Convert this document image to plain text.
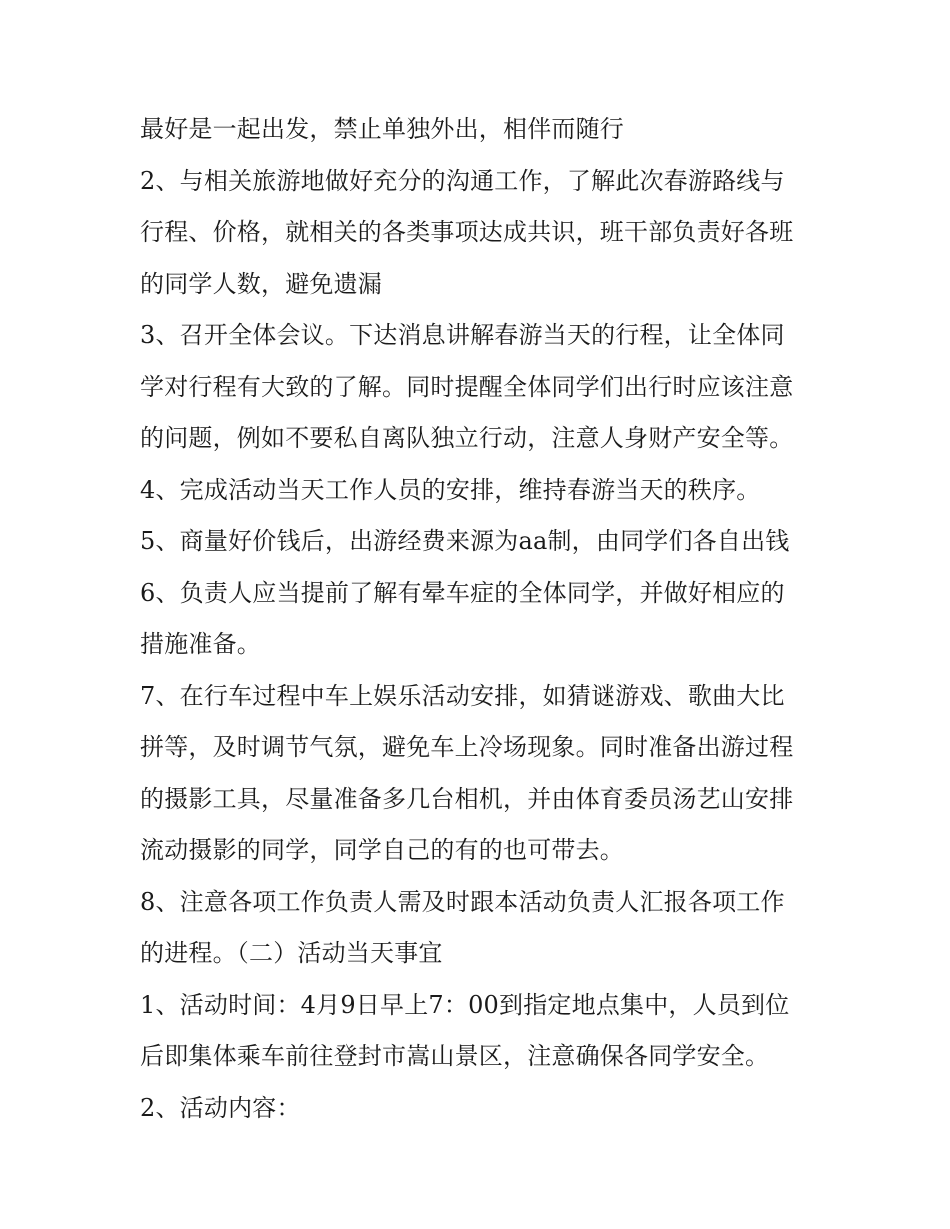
最好是一起出发，禁止单独外出，相伴而随行
2、与相关旅游地做好充分的沟通工作，了解此次春游路线与
行程、价格，就相关的各类事项达成共识，班干部负责好各班
的同学人数，避免遗漏
3、召开全体会议。下达消息讲解春游当天的行程，让全体同
学对行程有大致的了解。同时提醒全体同学们出行时应该注意
的问题，例如不要私自离队独立行动，注意人身财产安全等。
4、完成活动当天工作人员的安排，维持春游当天的秩序。
5、商量好价钱后，出游经费来源为aa制，由同学们各自出钱
6、负责人应当提前了解有晕车症的全体同学，并做好相应的
措施准备。
7、在行车过程中车上娱乐活动安排，如猜谜游戏、歌曲大比
拼等，及时调节气氛，避免车上冷场现象。同时准备出游过程
的摄影工具，尽量准备多几台相机，并由体育委员汤艺山安排
流动摄影的同学，同学自己的有的也可带去。
8、注意各项工作负责人需及时跟本活动负责人汇报各项工作
的进程。（二）活动当天事宜
1、活动时间：4月9日早上7：00到指定地点集中，人员到位
后即集体乘车前往登封市嵩山景区，注意确保各同学安全。
2、活动内容：
